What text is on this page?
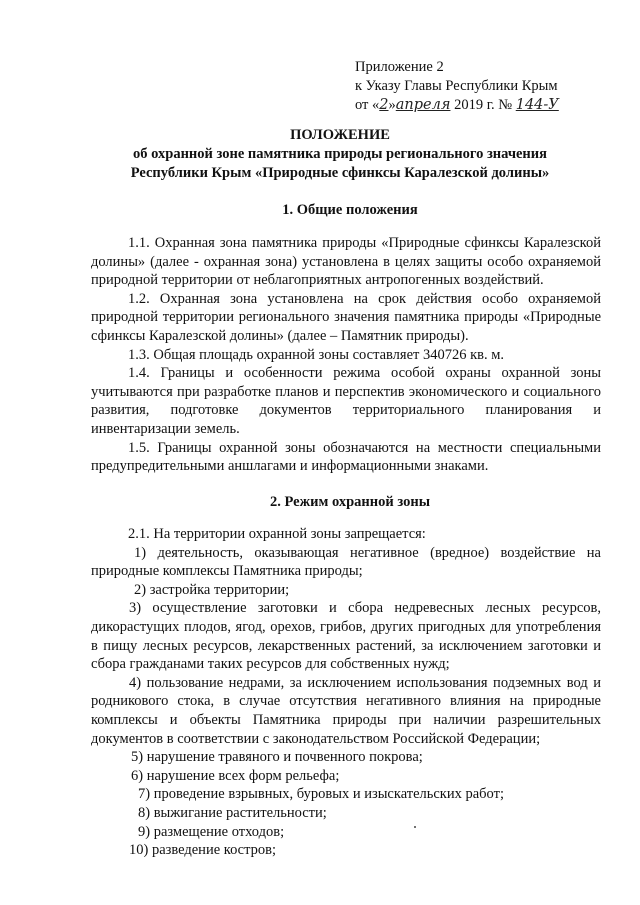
Приложение 2
к Указу Главы Республики Крым
от «2»апреля 2019 г. № 144-У
ПОЛОЖЕНИЕ
об охранной зоне памятника природы регионального значения
Республики Крым «Природные сфинксы Каралезской долины»
1. Общие положения

1.1. Охранная зона памятника природы «Природные сфинксы Каралезской долины» (далее - охранная зона) установлена в целях защиты особо охраняемой природной территории от неблагоприятных антропогенных воздействий.

1.2. Охранная зона установлена на срок действия особо охраняемой природной территории регионального значения памятника природы «Природные сфинксы Каралезской долины» (далее – Памятник природы).

1.3. Общая площадь охранной зоны составляет 340726 кв. м.

1.4. Границы и особенности режима особой охраны охранной зоны учитываются при разработке планов и перспектив экономического и социального развития, подготовке документов территориального планирования и инвентаризации земель.

1.5. Границы охранной зоны обозначаются на местности специальными предупредительными аншлагами и информационными знаками.

2. Режим охранной зоны

2.1. На территории охранной зоны запрещается:

1) деятельность, оказывающая негативное (вредное) воздействие на природные комплексы Памятника природы;

2) застройка территории;

3) осуществление заготовки и сбора недревесных лесных ресурсов, дикорастущих плодов, ягод, орехов, грибов, других пригодных для употребления в пищу лесных ресурсов, лекарственных растений, за исключением заготовки и сбора гражданами таких ресурсов для собственных нужд;

4) пользование недрами, за исключением использования подземных вод и родникового стока, в случае отсутствия негативного влияния на природные комплексы и объекты Памятника природы при наличии разрешительных документов в соответствии с законодательством Российской Федерации;

5) нарушение травяного и почвенного покрова;

6) нарушение всех форм рельефа;

7) проведение взрывных, буровых и изыскательских работ;

8) выжигание растительности;

9) размещение отходов;

10) разведение костров;
